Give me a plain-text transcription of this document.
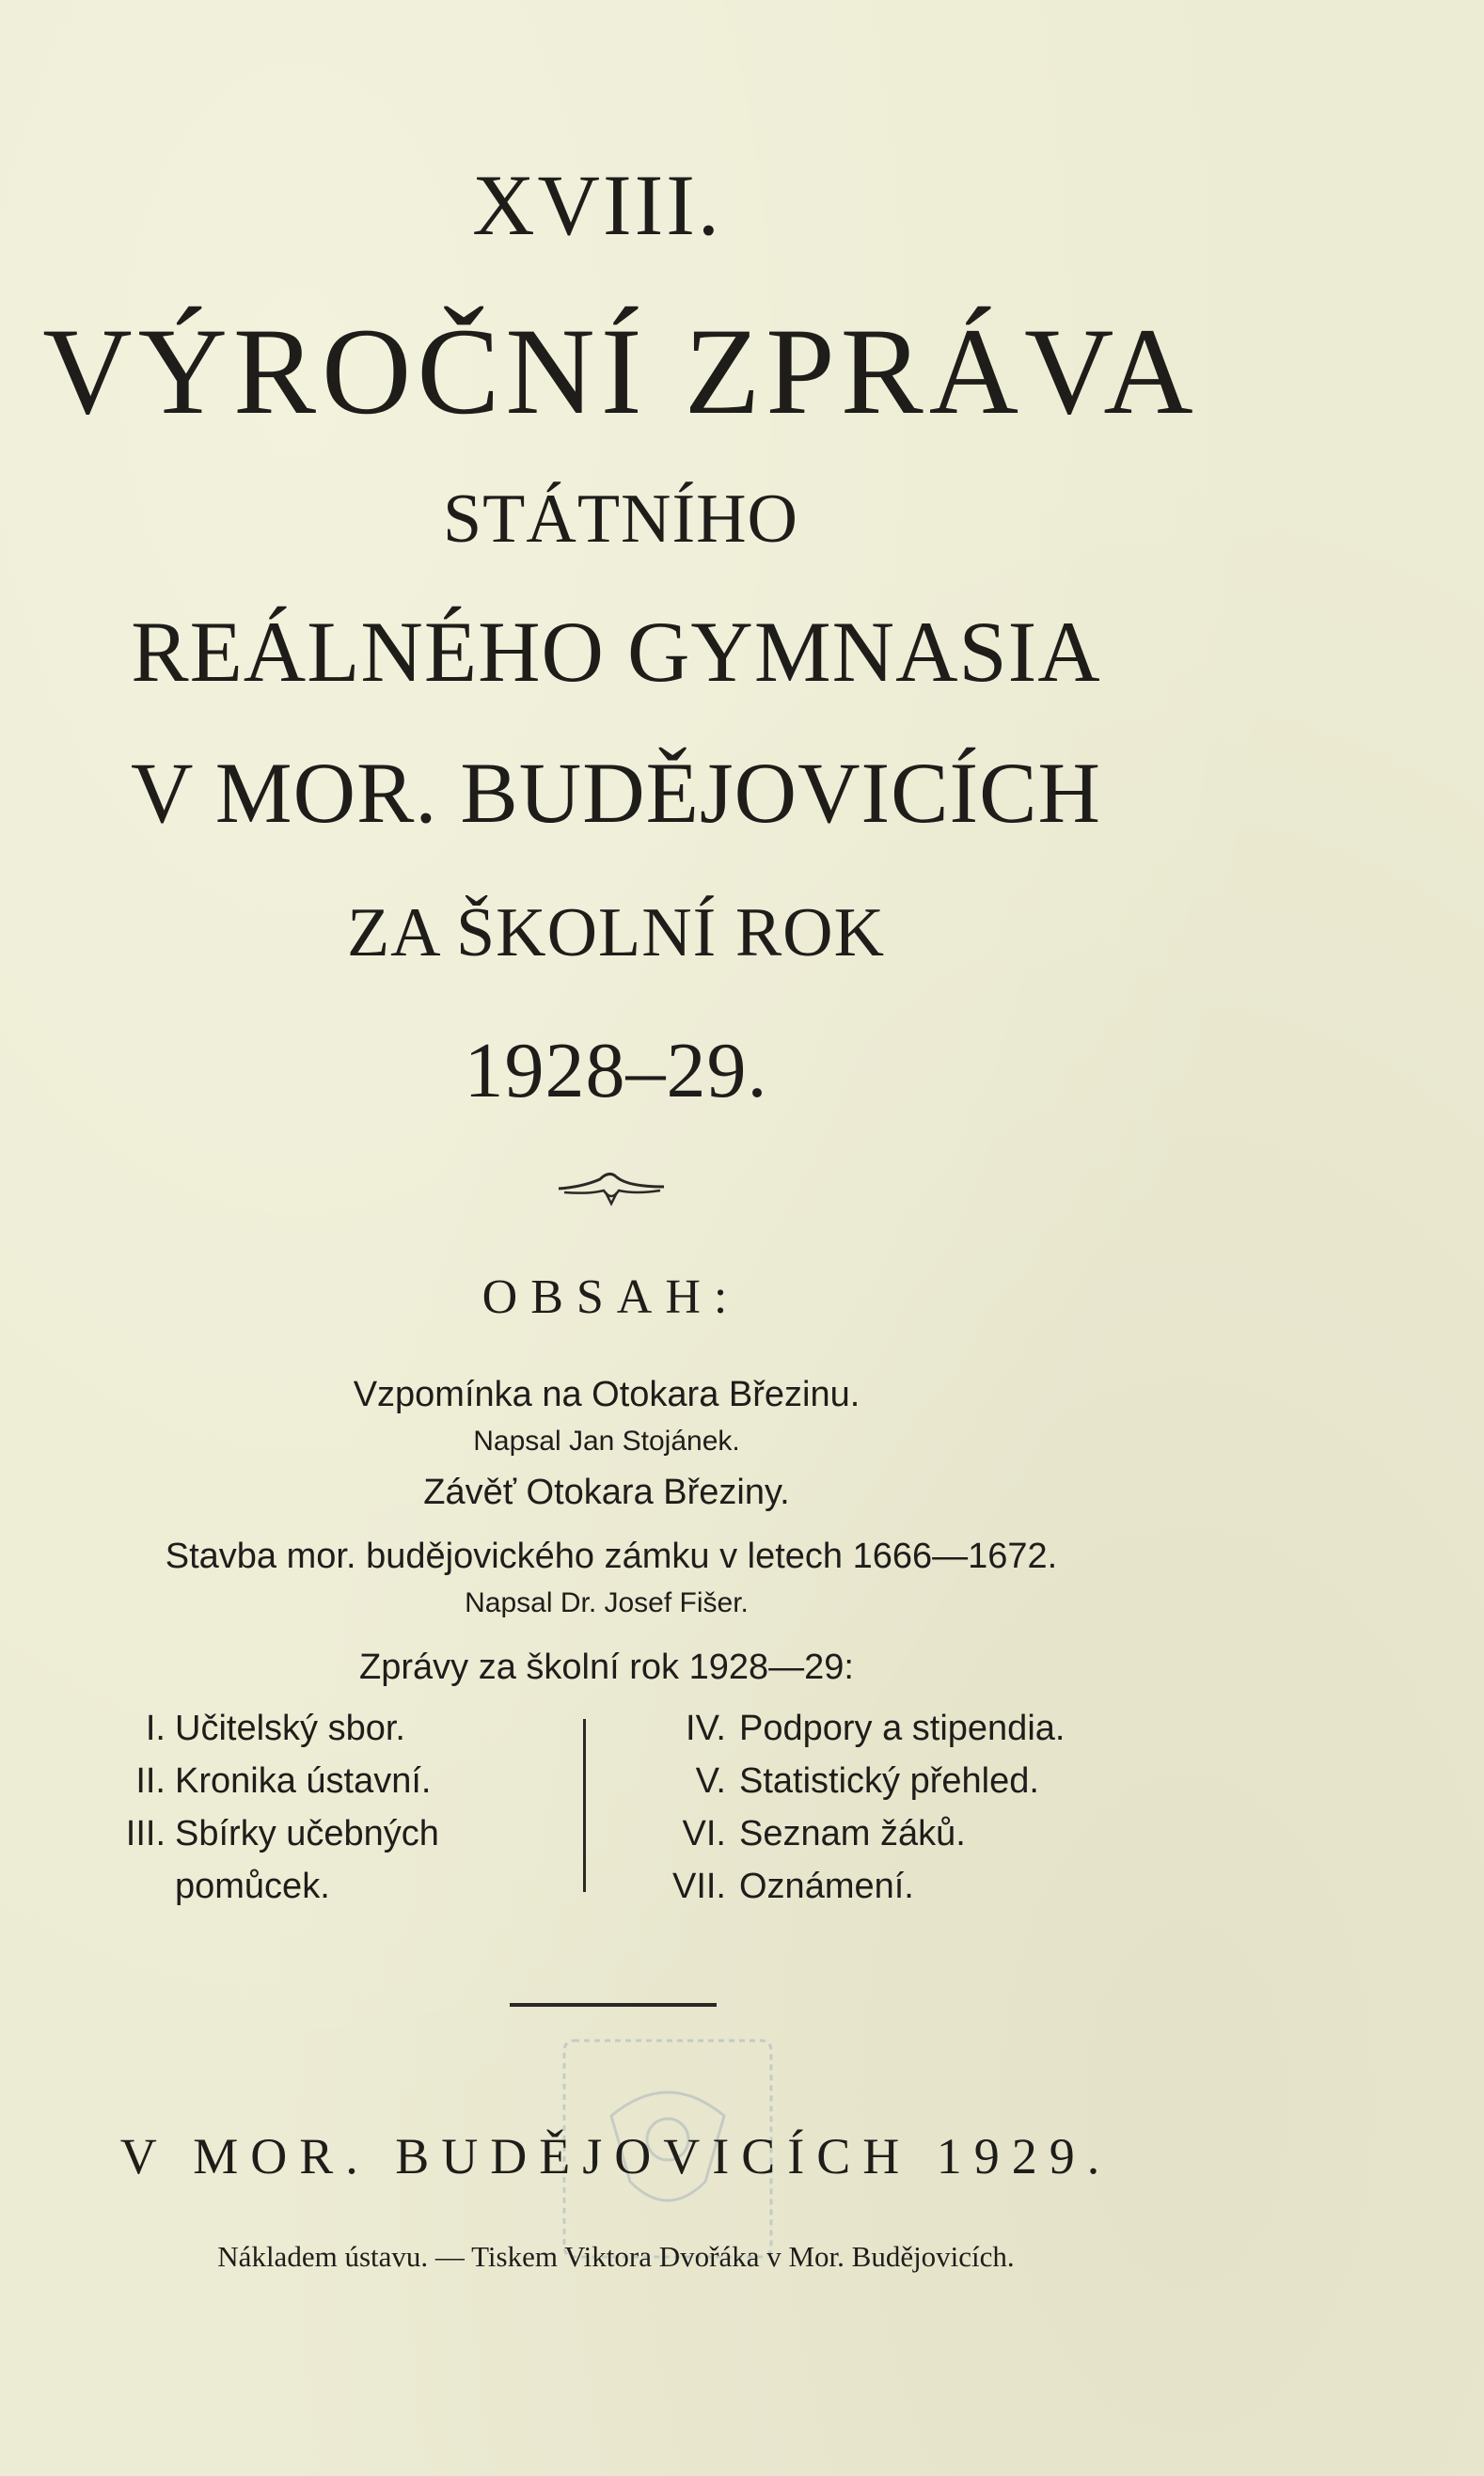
XVIII.
VÝROČNÍ ZPRÁVA
STÁTNÍHO
REÁLNÉHO GYMNASIA
V MOR. BUDĚJOVICÍCH
ZA ŠKOLNÍ ROK
1928–29.
OBSAH:
Vzpomínka na Otokara Březinu.
Napsal Jan Stojánek.
Závěť Otokara Březiny.
Stavba mor. budějovického zámku v letech 1666—1672.
Napsal Dr. Josef Fišer.
Zprávy za školní rok 1928—29:
I. Učitelský sbor.
II. Kronika ústavní.
III. Sbírky učebných
pomůcek.
IV. Podpory a stipendia.
V. Statistický přehled.
VI. Seznam žáků.
VII. Oznámení.
V MOR. BUDĚJOVICÍCH 1929.
Nákladem ústavu. — Tiskem Viktora Dvořáka v Mor. Budějovicích.
